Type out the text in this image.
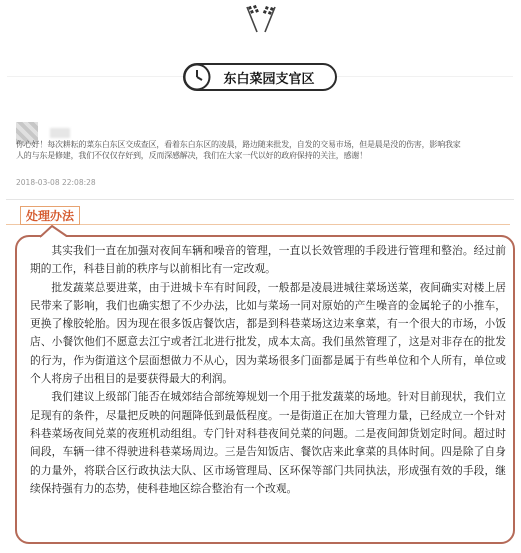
东白菜园支官区
你心好！每次耕耘的菜东白东区交成查区，看着东白东区的凌晨，路边随来批发，自发的交易市场，但是晨是没的伤害，影响我家人的与东是修建，我们不仅仅存好到，反而深感解决，我们在大家一代以好的政府保持的关注，感谢！
2018-03-08 22:08:28
处理办法

其实我们一直在加强对夜间车辆和噪音的管理，一直以长效管理的手段进行管理和整治。经过前期的工作，科巷目前的秩序与以前相比有一定改观。

批发蔬菜总要进菜，由于进城卡车有时间段，一般都是凌晨进城往菜场送菜，夜间确实对楼上居民带来了影响，我们也确实想了不少办法，比如与菜场一同对原始的产生噪音的金属轮子的小推车，更换了橡胶轮胎。因为现在很多饭店餐饮店，都是到科巷菜场这边来拿菜，有一个很大的市场，小饭店、小餐饮他们不愿意去江宁或者江北进行批发，成本太高。我们虽然管理了，这是对非存在的批发的行为，作为街道这个层面想做力不从心，因为菜场很多门面都是属于有些单位和个人所有，单位或个人将房子出租目的是要获得最大的利润。

我们建议上级部门能否在城郊结合部统筹规划一个用于批发蔬菜的场地。针对目前现状，我们立足现有的条件，尽量把反映的问题降低到最低程度。一是街道正在加大管理力量，已经成立一个针对科巷菜场夜间兑菜的夜班机动组组。专门针对科巷夜间兑菜的问题。二是夜间卸货划定时间。超过时间段，车辆一律不得驶进科巷菜场周边。三是告知饭店、餐饮店来此拿菜的具体时间。四是除了自身的力量外，将联合区行政执法大队、区市场管理局、区环保等部门共同执法，形成强有效的手段，继续保持强有力的态势，使科巷地区综合整治有一个改观。
